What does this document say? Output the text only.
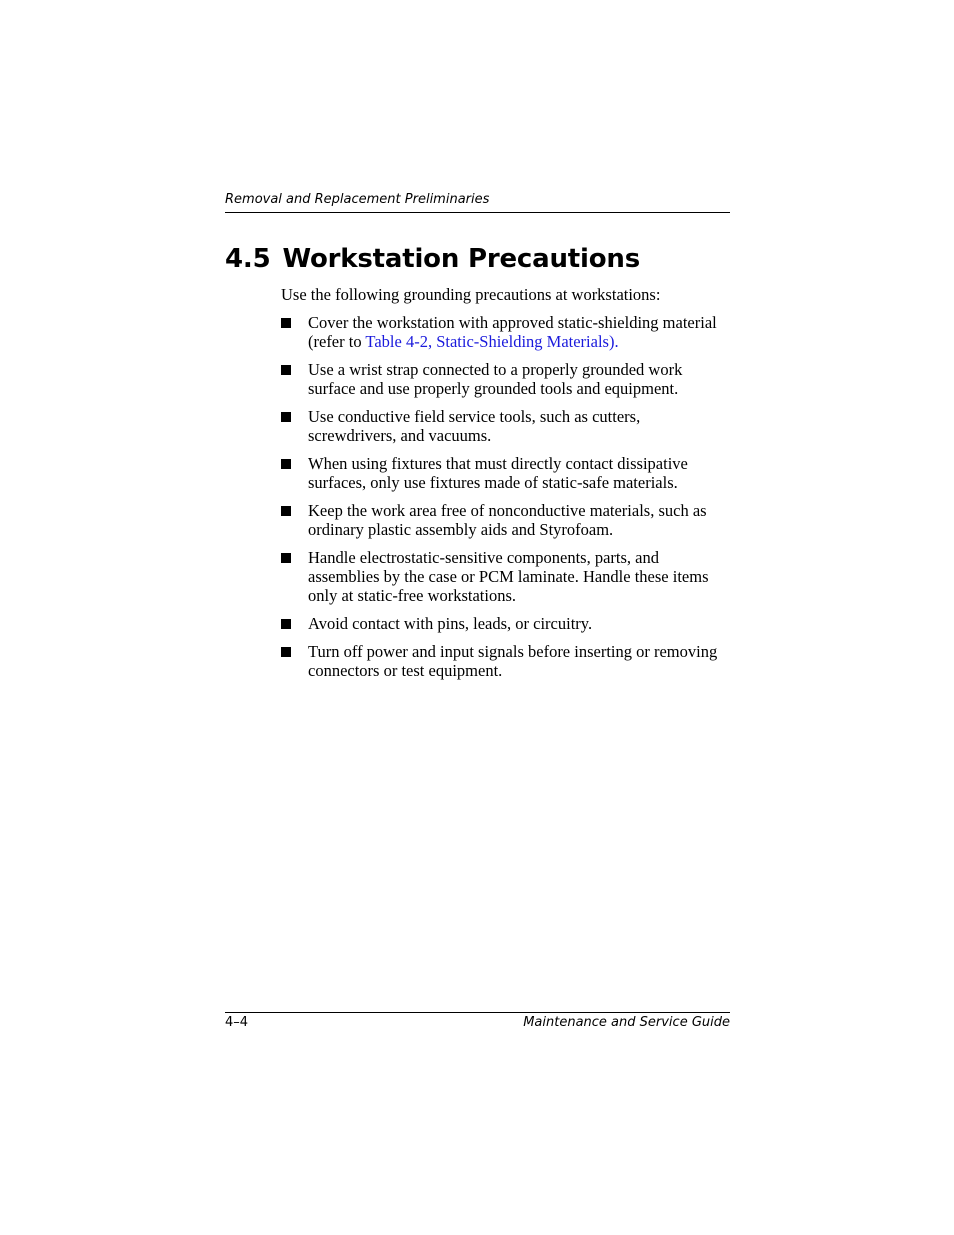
Removal and Replacement Preliminaries
4.5 Workstation Precautions

Use the following grounding precautions at workstations:

Cover the workstation with approved static-shielding material
(refer to Table 4-2, Static-Shielding Materials).
Use a wrist strap connected to a properly grounded work
surface and use properly grounded tools and equipment.
Use conductive field service tools, such as cutters,
screwdrivers, and vacuums.
When using fixtures that must directly contact dissipative
surfaces, only use fixtures made of static-safe materials.
Keep the work area free of nonconductive materials, such as
ordinary plastic assembly aids and Styrofoam.
Handle electrostatic-sensitive components, parts, and
assemblies by the case or PCM laminate. Handle these items
only at static-free workstations.
Avoid contact with pins, leads, or circuitry.
Turn off power and input signals before inserting or removing
connectors or test equipment.
4–4	Maintenance and Service Guide
